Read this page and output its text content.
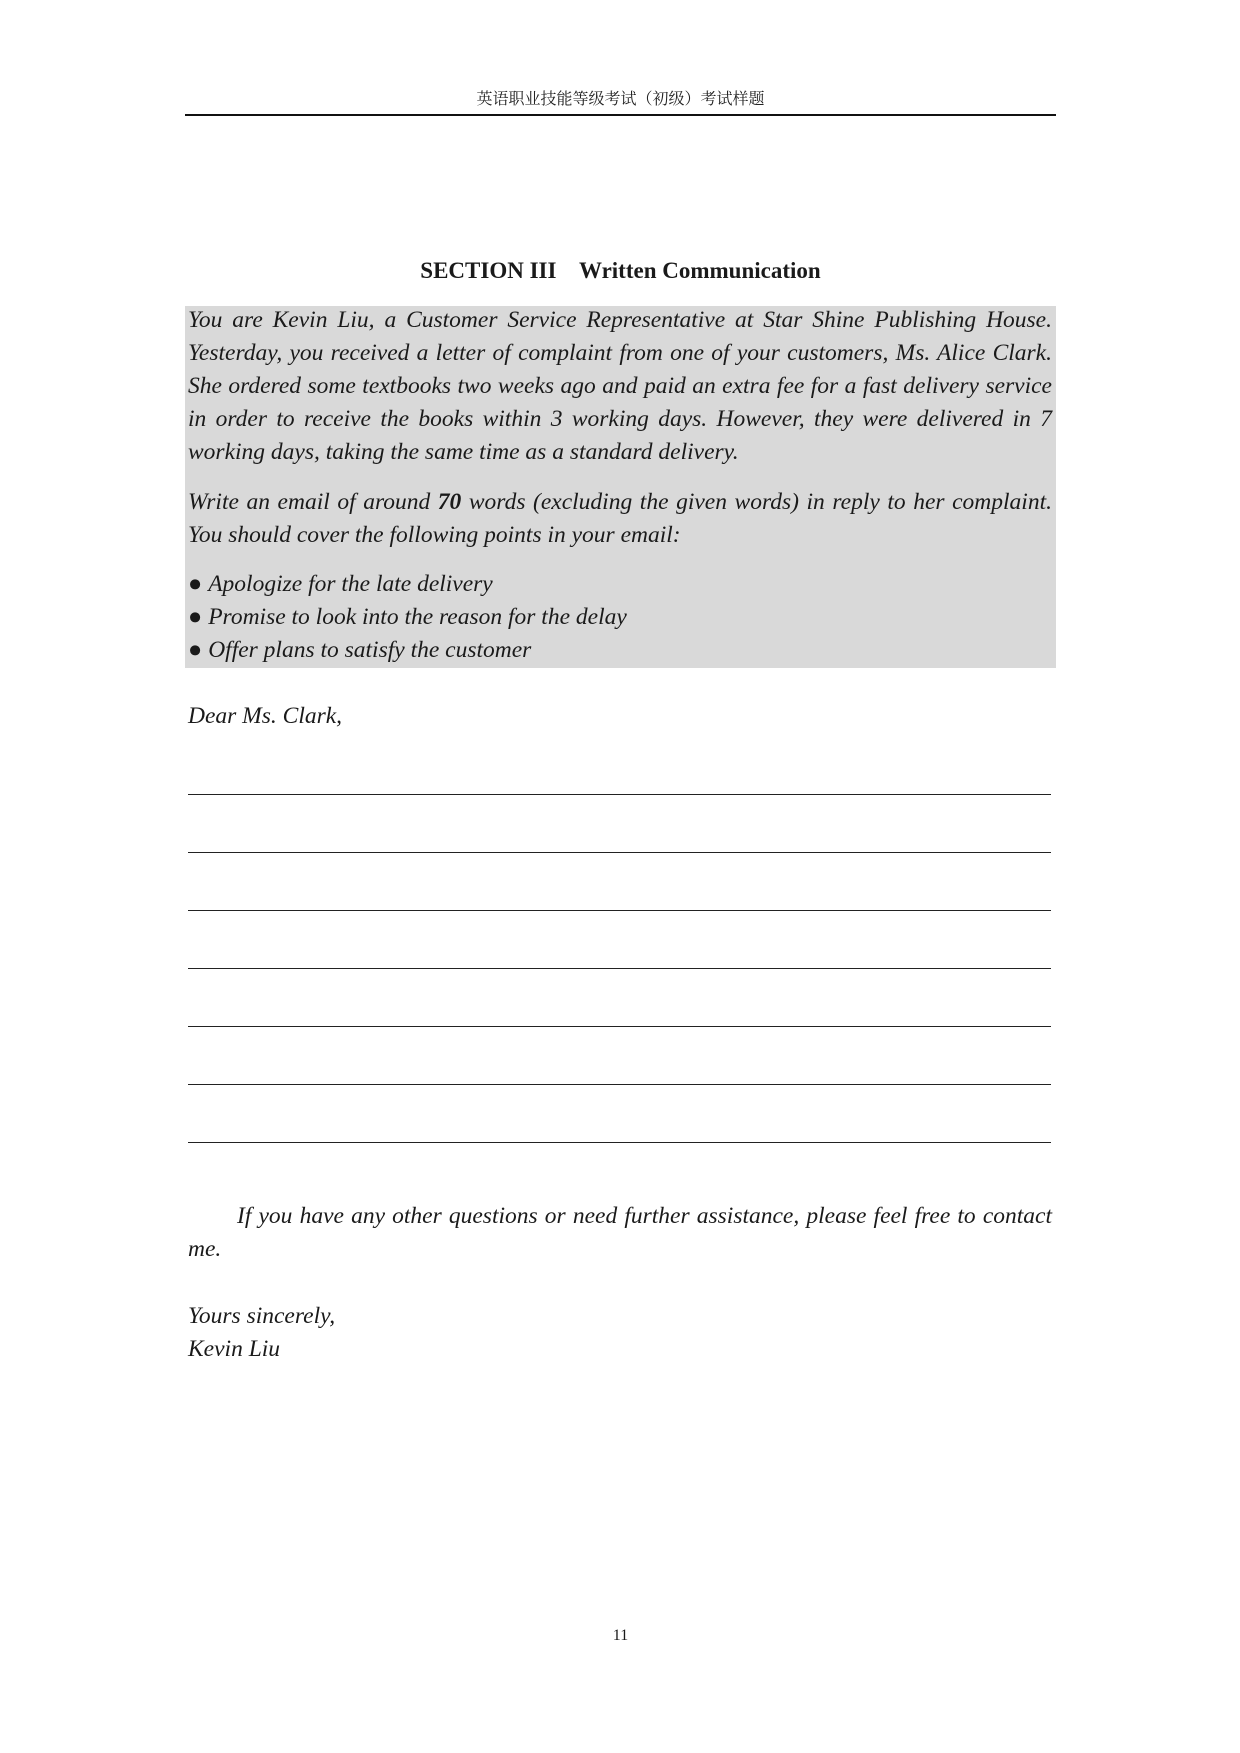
英语职业技能等级考试（初级）考试样题
SECTION III    Written Communication
You are Kevin Liu, a Customer Service Representative at Star Shine Publishing House. Yesterday, you received a letter of complaint from one of your customers, Ms. Alice Clark. She ordered some textbooks two weeks ago and paid an extra fee for a fast delivery service in order to receive the books within 3 working days. However, they were delivered in 7 working days, taking the same time as a standard delivery.
Write an email of around 70 words (excluding the given words) in reply to her complaint. You should cover the following points in your email:
● Apologize for the late delivery
● Promise to look into the reason for the delay
● Offer plans to satisfy the customer
Dear Ms. Clark,
If you have any other questions or need further assistance, please feel free to contact me.
Yours sincerely,
Kevin Liu
11
